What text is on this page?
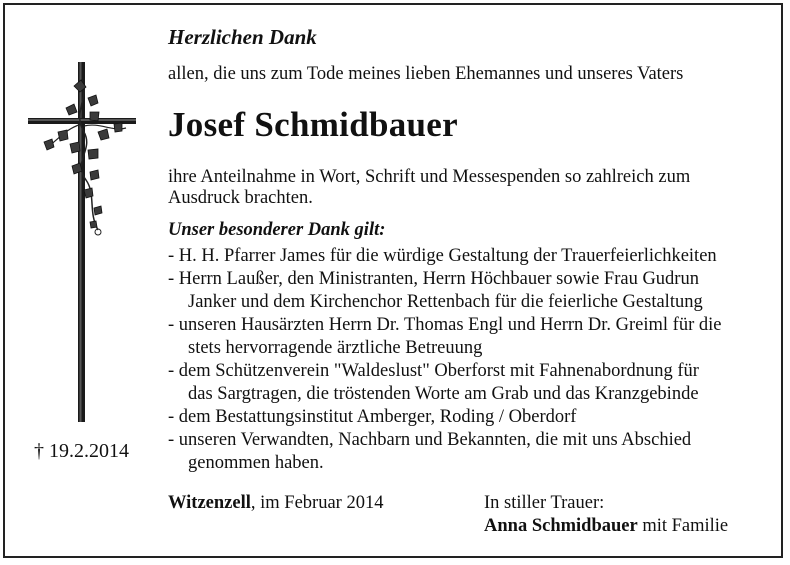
† 19.2.2014
Herzlichen Dank

allen, die uns zum Tode meines lieben Ehemannes und unseres Vaters

Josef Schmidbauer

ihre Anteilnahme in Wort, Schrift und Messespenden so zahlreich zum

Ausdruck brachten.

Unser besonderer Dank gilt:
- H. H. Pfarrer James für die würdige Gestaltung der Trauerfeierlichkeiten
- Herrn Laußer, den Ministranten, Herrn Höchbauer sowie Frau Gudrun
Janker und dem Kirchenchor Rettenbach für die feierliche Gestaltung
- unseren Hausärzten Herrn Dr. Thomas Engl und Herrn Dr. Greiml für die
stets hervorragende ärztliche Betreuung
- dem Schützenverein "Waldeslust" Oberforst mit Fahnenabordnung für
das Sargtragen, die tröstenden Worte am Grab und das Kranzgebinde
- dem Bestattungsinstitut Amberger, Roding / Oberdorf
- unseren Verwandten, Nachbarn und Bekannten, die mit uns Abschied
genommen haben.
Witzenzell, im Februar 2014	In stiller Trauer:
Anna Schmidbauer mit Familie
